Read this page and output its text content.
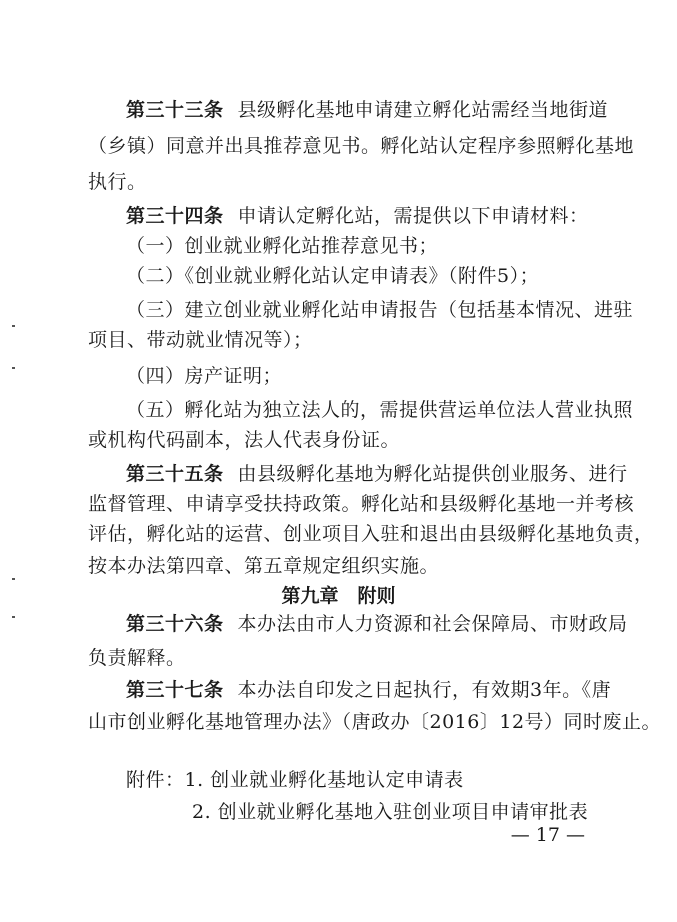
第三十三条 县级孵化基地申请建立孵化站需经当地街道
（乡镇）同意并出具推荐意见书。孵化站认定程序参照孵化基地
执行。
第三十四条 申请认定孵化站，需提供以下申请材料：
（一）创业就业孵化站推荐意见书；
（二）《创业就业孵化站认定申请表》（附件5）；
（三）建立创业就业孵化站申请报告（包括基本情况、进驻
项目、带动就业情况等）；
（四）房产证明；
（五）孵化站为独立法人的，需提供营运单位法人营业执照
或机构代码副本，法人代表身份证。
第三十五条 由县级孵化基地为孵化站提供创业服务、进行
监督管理、申请享受扶持政策。孵化站和县级孵化基地一并考核
评估，孵化站的运营、创业项目入驻和退出由县级孵化基地负责，
按本办法第四章、第五章规定组织实施。
第九章　附则
第三十六条 本办法由市人力资源和社会保障局、市财政局
负责解释。
第三十七条 本办法自印发之日起执行，有效期3年。《唐
山市创业孵化基地管理办法》（唐政办〔2016〕12号）同时废止。
附件：1. 创业就业孵化基地认定申请表
2. 创业就业孵化基地入驻创业项目申请审批表
— 17 —
